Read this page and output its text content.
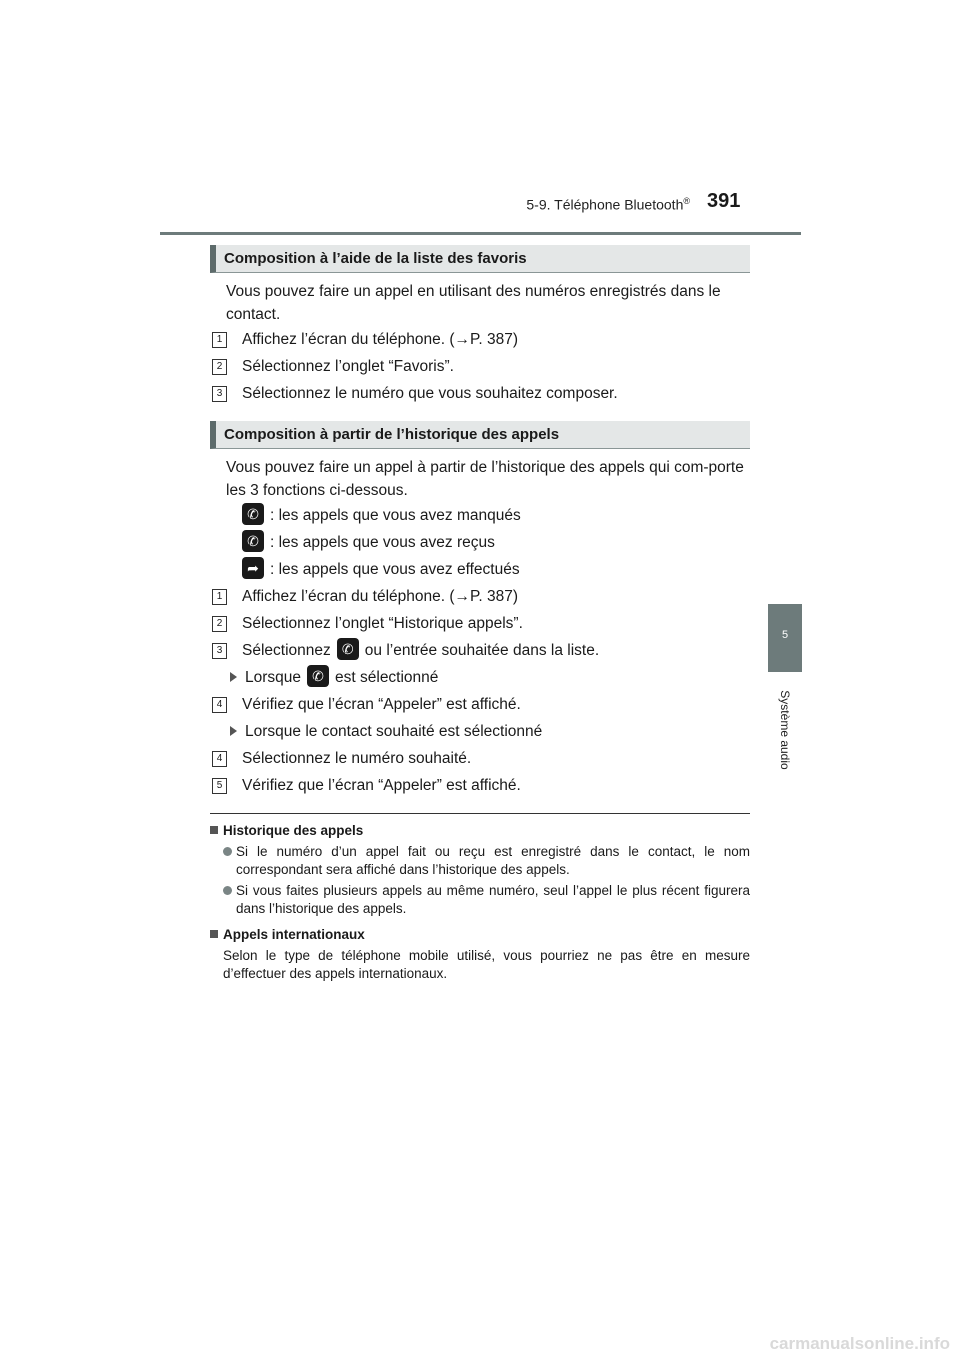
5-9. Téléphone Bluetooth® 391
5
Système audio
Composition à l’aide de la liste des favoris
Vous pouvez faire un appel en utilisant des numéros enregistrés dans le contact.
1	Affichez l’écran du téléphone. (→P. 387)
2	Sélectionnez l’onglet “Favoris”.
3	Sélectionnez le numéro que vous souhaitez composer.
Composition à partir de l’historique des appels
Vous pouvez faire un appel à partir de l’historique des appels qui com-porte les 3 fonctions ci-dessous.
✆ : les appels que vous avez manqués
✆ : les appels que vous avez reçus
➦ : les appels que vous avez effectués
1	Affichez l’écran du téléphone. (→P. 387)
2	Sélectionnez l’onglet “Historique appels”.
3	Sélectionnez ✆ ou l’entrée souhaitée dans la liste.
Lorsque ✆ est sélectionné
4	Vérifiez que l’écran “Appeler” est affiché.
Lorsque le contact souhaité est sélectionné
4	Sélectionnez le numéro souhaité.
5	Vérifiez que l’écran “Appeler” est affiché.
Historique des appels
Si le numéro d’un appel fait ou reçu est enregistré dans le contact, le nom correspondant sera affiché dans l’historique des appels.
Si vous faites plusieurs appels au même numéro, seul l’appel le plus récent figurera dans l’historique des appels.
Appels internationaux
Selon le type de téléphone mobile utilisé, vous pourriez ne pas être en mesure d’effectuer des appels internationaux.
carmanualsonline.info
